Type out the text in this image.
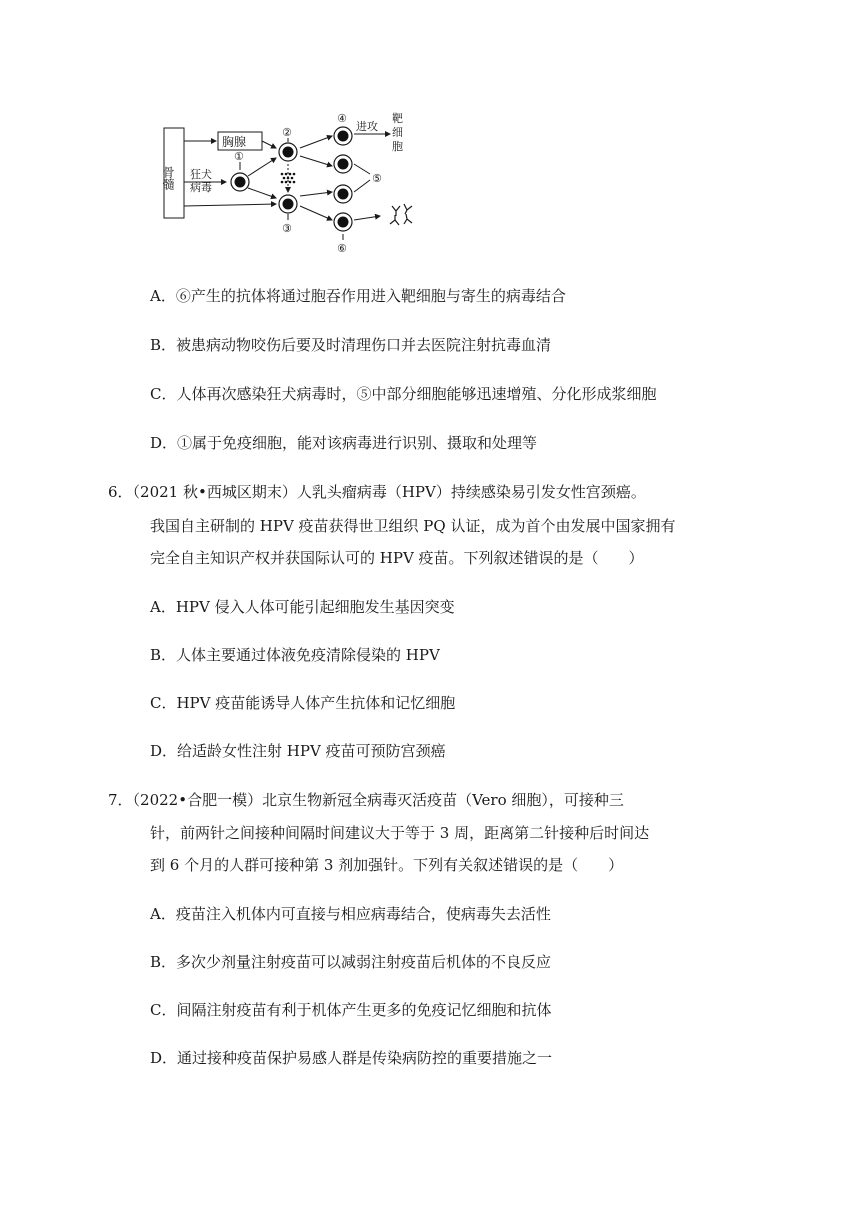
骨髓
胸腺
狂犬
病毒
进攻
靶
细
胞
①
②
③
④
⑤
⑥
A．⑥产生的抗体将通过胞吞作用进入靶细胞与寄生的病毒结合
B．被患病动物咬伤后要及时清理伤口并去医院注射抗毒血清
C．人体再次感染狂犬病毒时，⑤中部分细胞能够迅速增殖、分化形成浆细胞
D．①属于免疫细胞，能对该病毒进行识别、摄取和处理等
6．（2021 秋•西城区期末）人乳头瘤病毒（HPV）持续感染易引发女性宫颈癌。
我国自主研制的 HPV 疫苗获得世卫组织 PQ 认证，成为首个由发展中国家拥有
完全自主知识产权并获国际认可的 HPV 疫苗。下列叙述错误的是（　　）
A．HPV 侵入人体可能引起细胞发生基因突变
B．人体主要通过体液免疫清除侵染的 HPV
C．HPV 疫苗能诱导人体产生抗体和记忆细胞
D．给适龄女性注射 HPV 疫苗可预防宫颈癌
7．（2022•合肥一模）北京生物新冠全病毒灭活疫苗（Vero 细胞），可接种三
针，前两针之间接种间隔时间建议大于等于 3 周，距离第二针接种后时间达
到 6 个月的人群可接种第 3 剂加强针。下列有关叙述错误的是（　　）
A．疫苗注入机体内可直接与相应病毒结合，使病毒失去活性
B．多次少剂量注射疫苗可以减弱注射疫苗后机体的不良反应
C．间隔注射疫苗有利于机体产生更多的免疫记忆细胞和抗体
D．通过接种疫苗保护易感人群是传染病防控的重要措施之一
